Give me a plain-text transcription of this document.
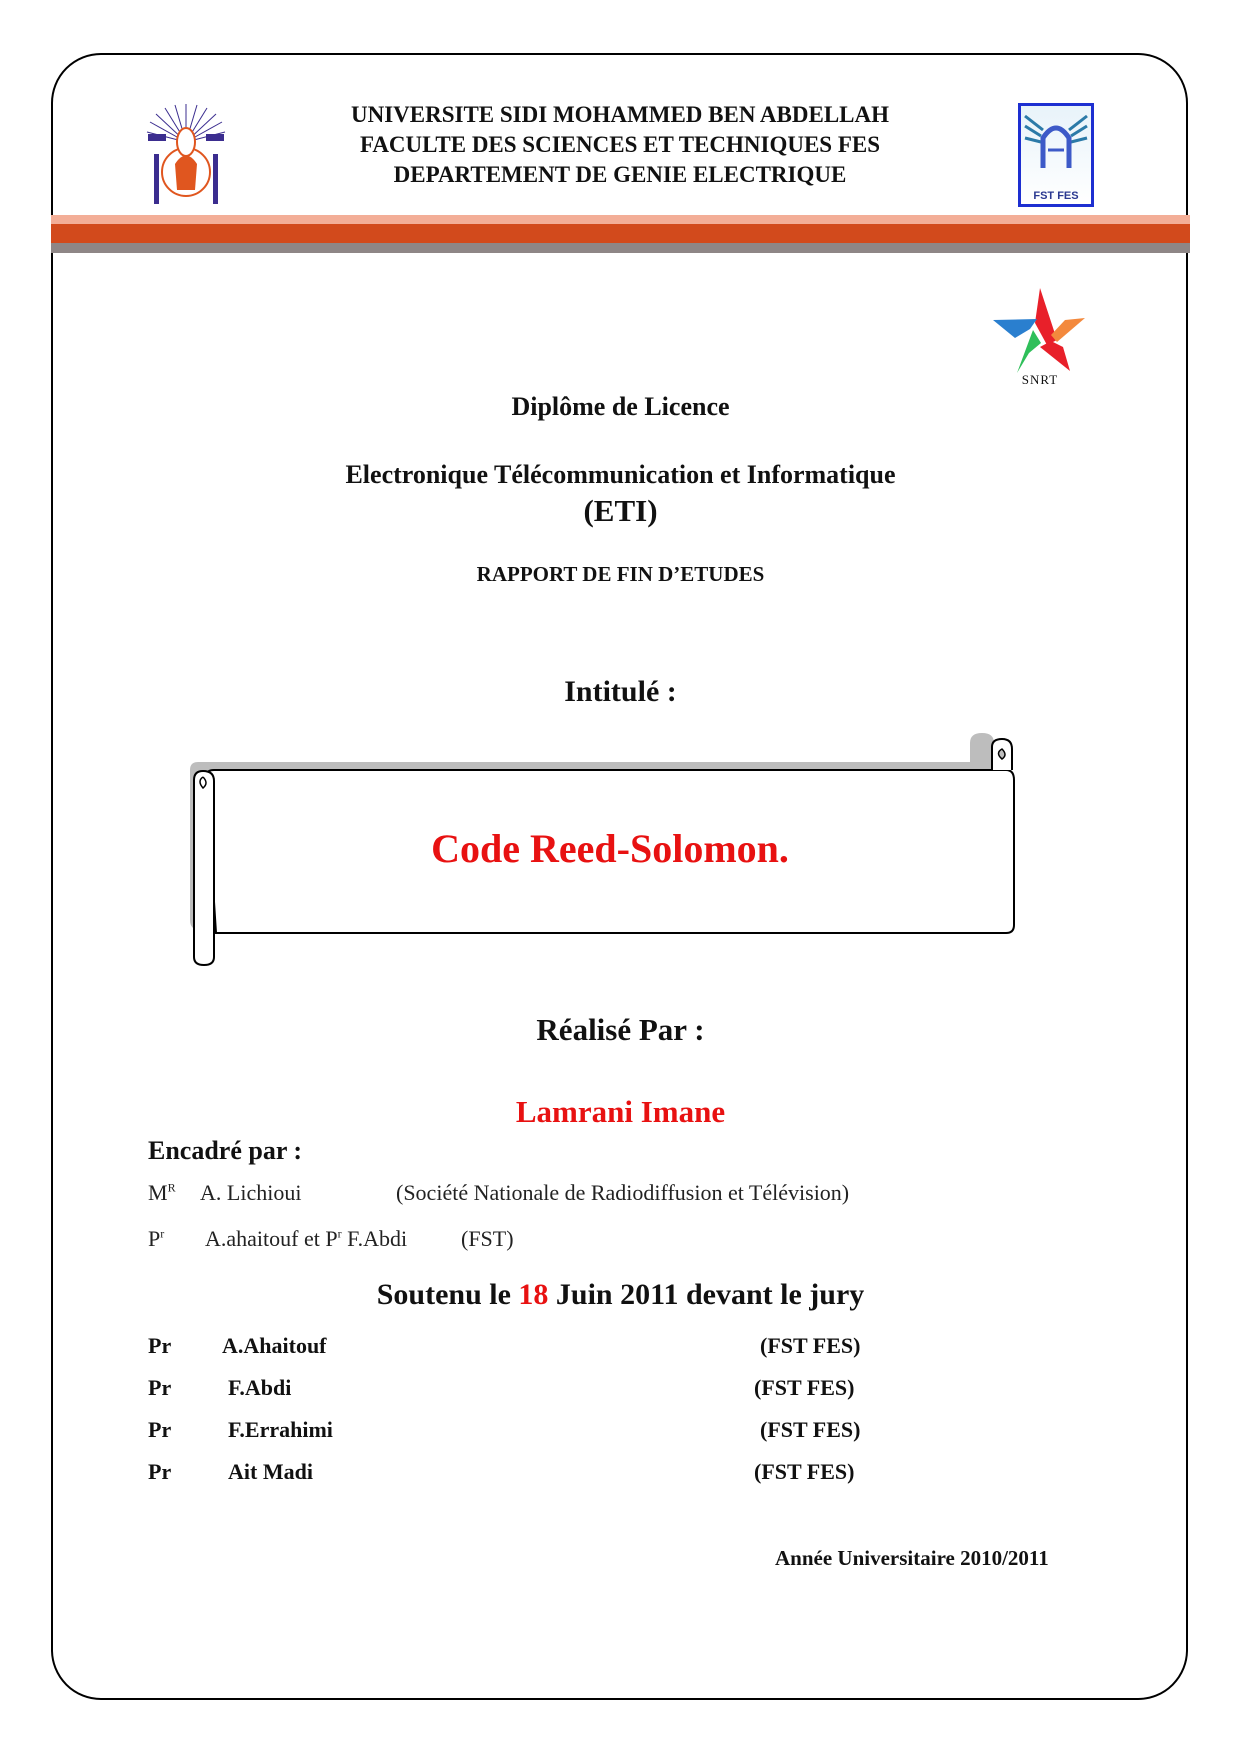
UNIVERSITE SIDI MOHAMMED BEN ABDELLAH
FACULTE DES SCIENCES ET TECHNIQUES FES
DEPARTEMENT DE GENIE ELECTRIQUE
FST FES
SNRT
Diplôme de Licence
Electronique Télécommunication et Informatique
(ETI)
RAPPORT DE FIN D’ETUDES
Intitulé :
Code Reed-Solomon.
Réalisé Par :
Lamrani Imane
Encadré par :
$M^R$ A. Lichioui	(Société Nationale de Radiodiffusion et Télévision)
$P^r$ A.ahaitouf et $P^r$ F.Abdi (FST)
Soutenu le 18 Juin 2011 devant le jury
Pr A.Ahaitouf	(FST FES)
Pr	F.Abdi	(FST FES)
Pr	F.Errahimi	(FST FES)
Pr	Ait Madi	(FST FES)
Année Universitaire 2010/2011
